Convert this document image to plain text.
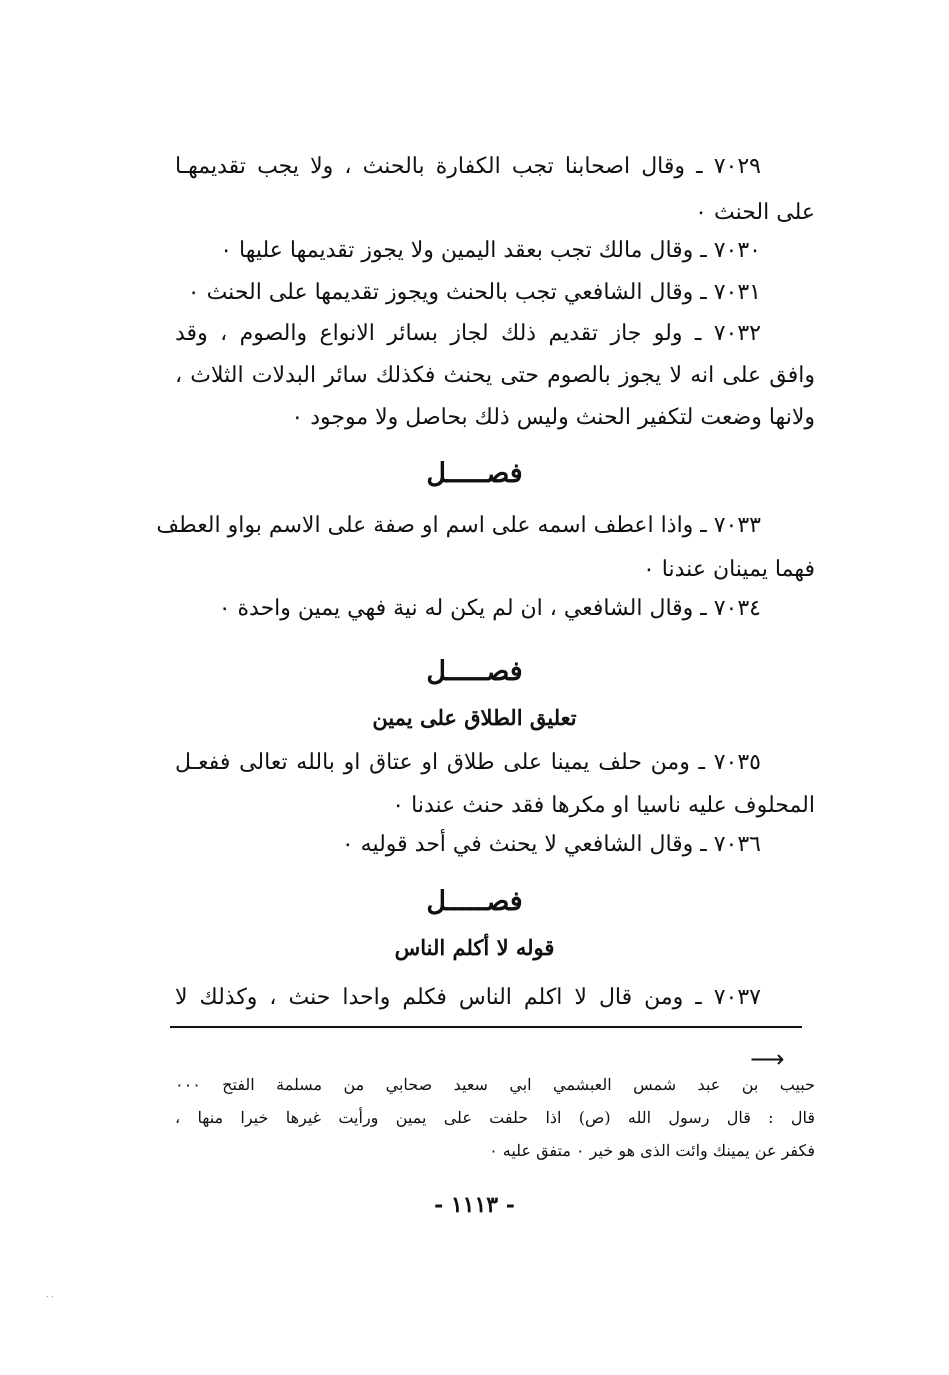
٧٠٢٩ ـ وقال اصحابنا تجب الكفارة بالحنث ، ولا يجب تقديمهـا
على الحنث ٠
٧٠٣٠ ـ وقال مالك تجب بعقد اليمين ولا يجوز تقديمها عليها ٠
٧٠٣١ ـ وقال الشافعي تجب بالحنث ويجوز تقديمها على الحنث ٠
٧٠٣٢ ـ ولو جاز تقديم ذلك لجاز بسائر الانواع والصوم ، وقد
وافق على انه لا يجوز بالصوم حتى يحنث فكذلك سائر البدلات الثلاث ،
ولانها وضعت لتكفير الحنث وليس ذلك بحاصل ولا موجود ٠
فصـــــل
٧٠٣٣ ـ واذا اعطف اسمه على اسم او صفة على الاسم بواو العطف
فهما يمينان عندنا ٠
٧٠٣٤ ـ وقال الشافعي ، ان لم يكن له نية فهي يمين واحدة ٠
فصـــــل
تعليق الطلاق على يمين
٧٠٣٥ ـ ومن حلف يمينا على طلاق او عتاق او بالله تعالى ففعـل
المحلوف عليه ناسيا او مكرها فقد حنث عندنا ٠
٧٠٣٦ ـ وقال الشافعي لا يحنث في أحد قوليه ٠
فصـــــل
قوله لا أكلم الناس
٧٠٣٧ ـ ومن قال لا اكلم الناس فكلم واحدا حنث ، وكذلك لا
⟶
حبيب بن عبد شمس العبشمي ابي سعيد صحابي من مسلمة الفتح ٠٠٠
قال : قال رسول الله (ص) اذا حلفت على يمين ورأيت غيرها خيرا منها ،
فكفر عن يمينك وائت الذى هو خير ٠ متفق عليه ٠
- ١١١٣ -
. .
